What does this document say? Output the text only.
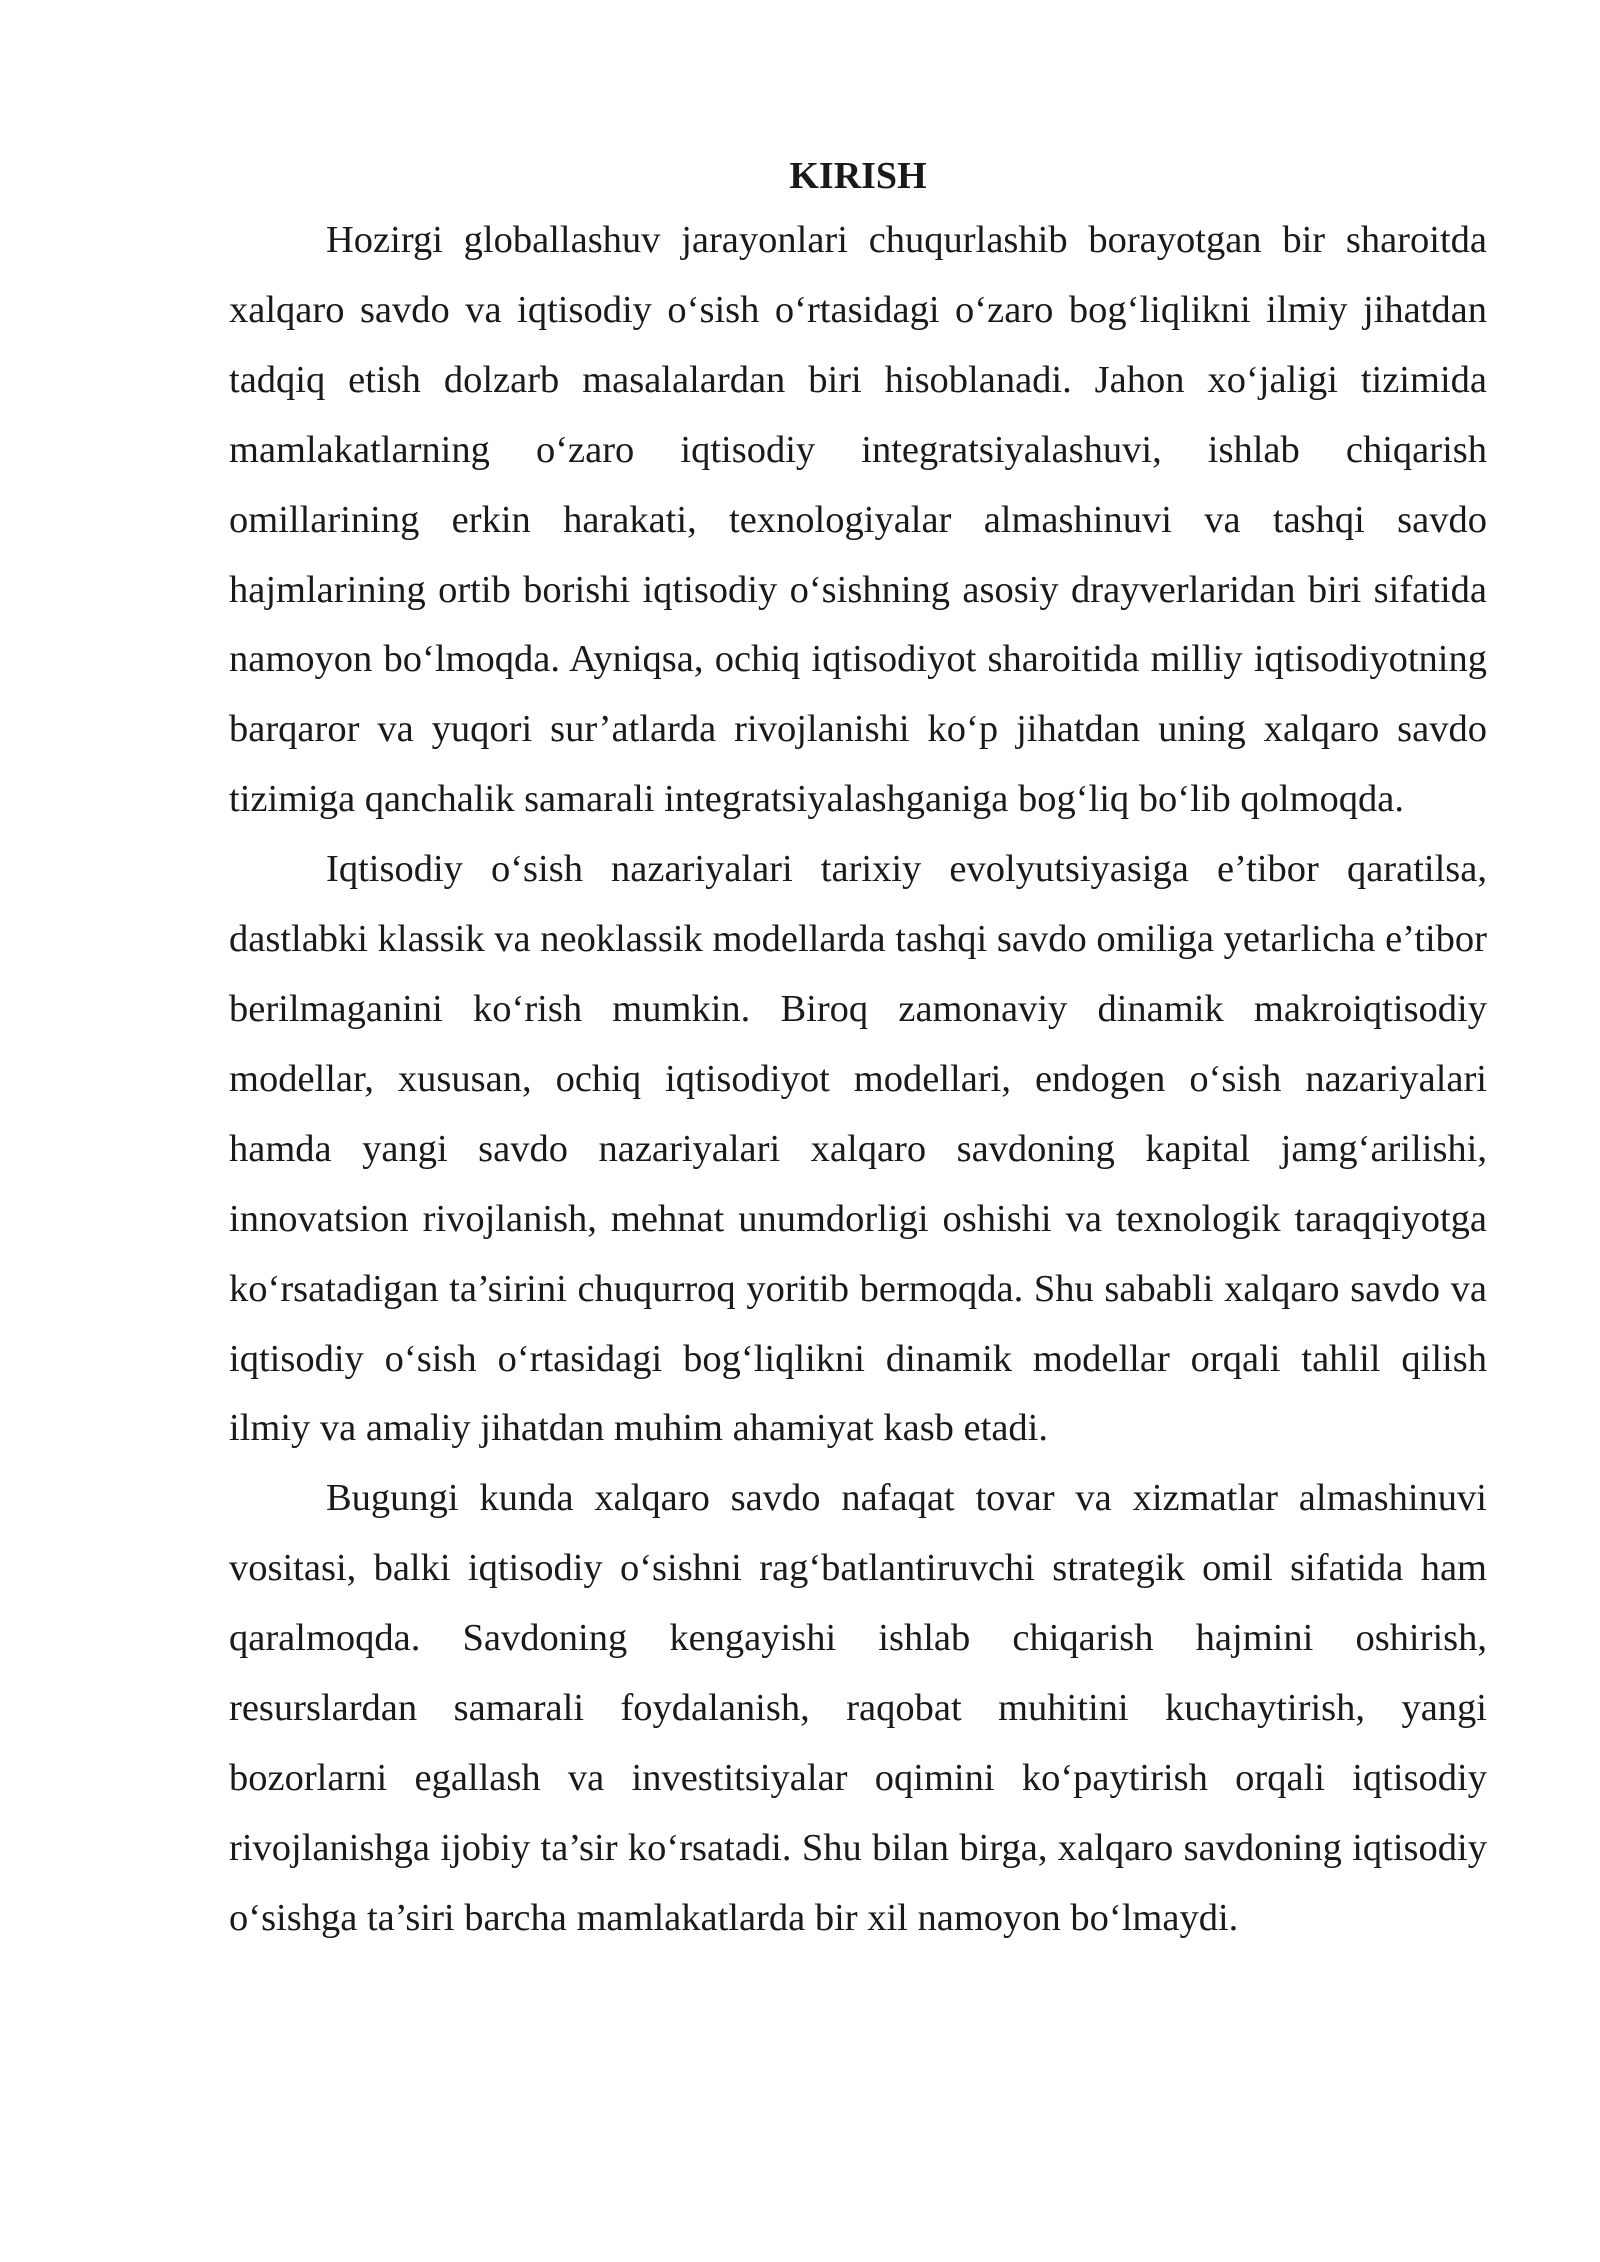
KIRISH

Hozirgi globallashuv jarayonlari chuqurlashib borayotgan bir sharoitda xalqaro savdo va iqtisodiy o‘sish o‘rtasidagi o‘zaro bog‘liqlikni ilmiy jihatdan tadqiq etish dolzarb masalalardan biri hisoblanadi. Jahon xo‘jaligi tizimida mamlakatlarning o‘zaro iqtisodiy integratsiyalashuvi, ishlab chiqarish omillarining erkin harakati, texnologiyalar almashinuvi va tashqi savdo hajmlarining ortib borishi iqtisodiy o‘sishning asosiy drayverlaridan biri sifatida namoyon bo‘lmoqda. Ayniqsa, ochiq iqtisodiyot sharoitida milliy iqtisodiyotning barqaror va yuqori sur’atlarda rivojlanishi ko‘p jihatdan uning xalqaro savdo tizimiga qanchalik samarali integratsiyalashganiga bog‘liq bo‘lib qolmoqda.

Iqtisodiy o‘sish nazariyalari tarixiy evolyutsiyasiga e’tibor qaratilsa, dastlabki klassik va neoklassik modellarda tashqi savdo omiliga yetarlicha e’tibor berilmaganini ko‘rish mumkin. Biroq zamonaviy dinamik makroiqtisodiy modellar, xususan, ochiq iqtisodiyot modellari, endogen o‘sish nazariyalari hamda yangi savdo nazariyalari xalqaro savdoning kapital jamg‘arilishi, innovatsion rivojlanish, mehnat unumdorligi oshishi va texnologik taraqqiyotga ko‘rsatadigan ta’sirini chuqurroq yoritib bermoqda. Shu sababli xalqaro savdo va iqtisodiy o‘sish o‘rtasidagi bog‘liqlikni dinamik modellar orqali tahlil qilish ilmiy va amaliy jihatdan muhim ahamiyat kasb etadi.

Bugungi kunda xalqaro savdo nafaqat tovar va xizmatlar almashinuvi vositasi, balki iqtisodiy o‘sishni rag‘batlantiruvchi strategik omil sifatida ham qaralmoqda. Savdoning kengayishi ishlab chiqarish hajmini oshirish, resurslardan samarali foydalanish, raqobat muhitini kuchaytirish, yangi bozorlarni egallash va investitsiyalar oqimini ko‘paytirish orqali iqtisodiy rivojlanishga ijobiy ta’sir ko‘rsatadi. Shu bilan birga, xalqaro savdoning iqtisodiy o‘sishga ta’siri barcha mamlakatlarda bir xil namoyon bo‘lmaydi.
